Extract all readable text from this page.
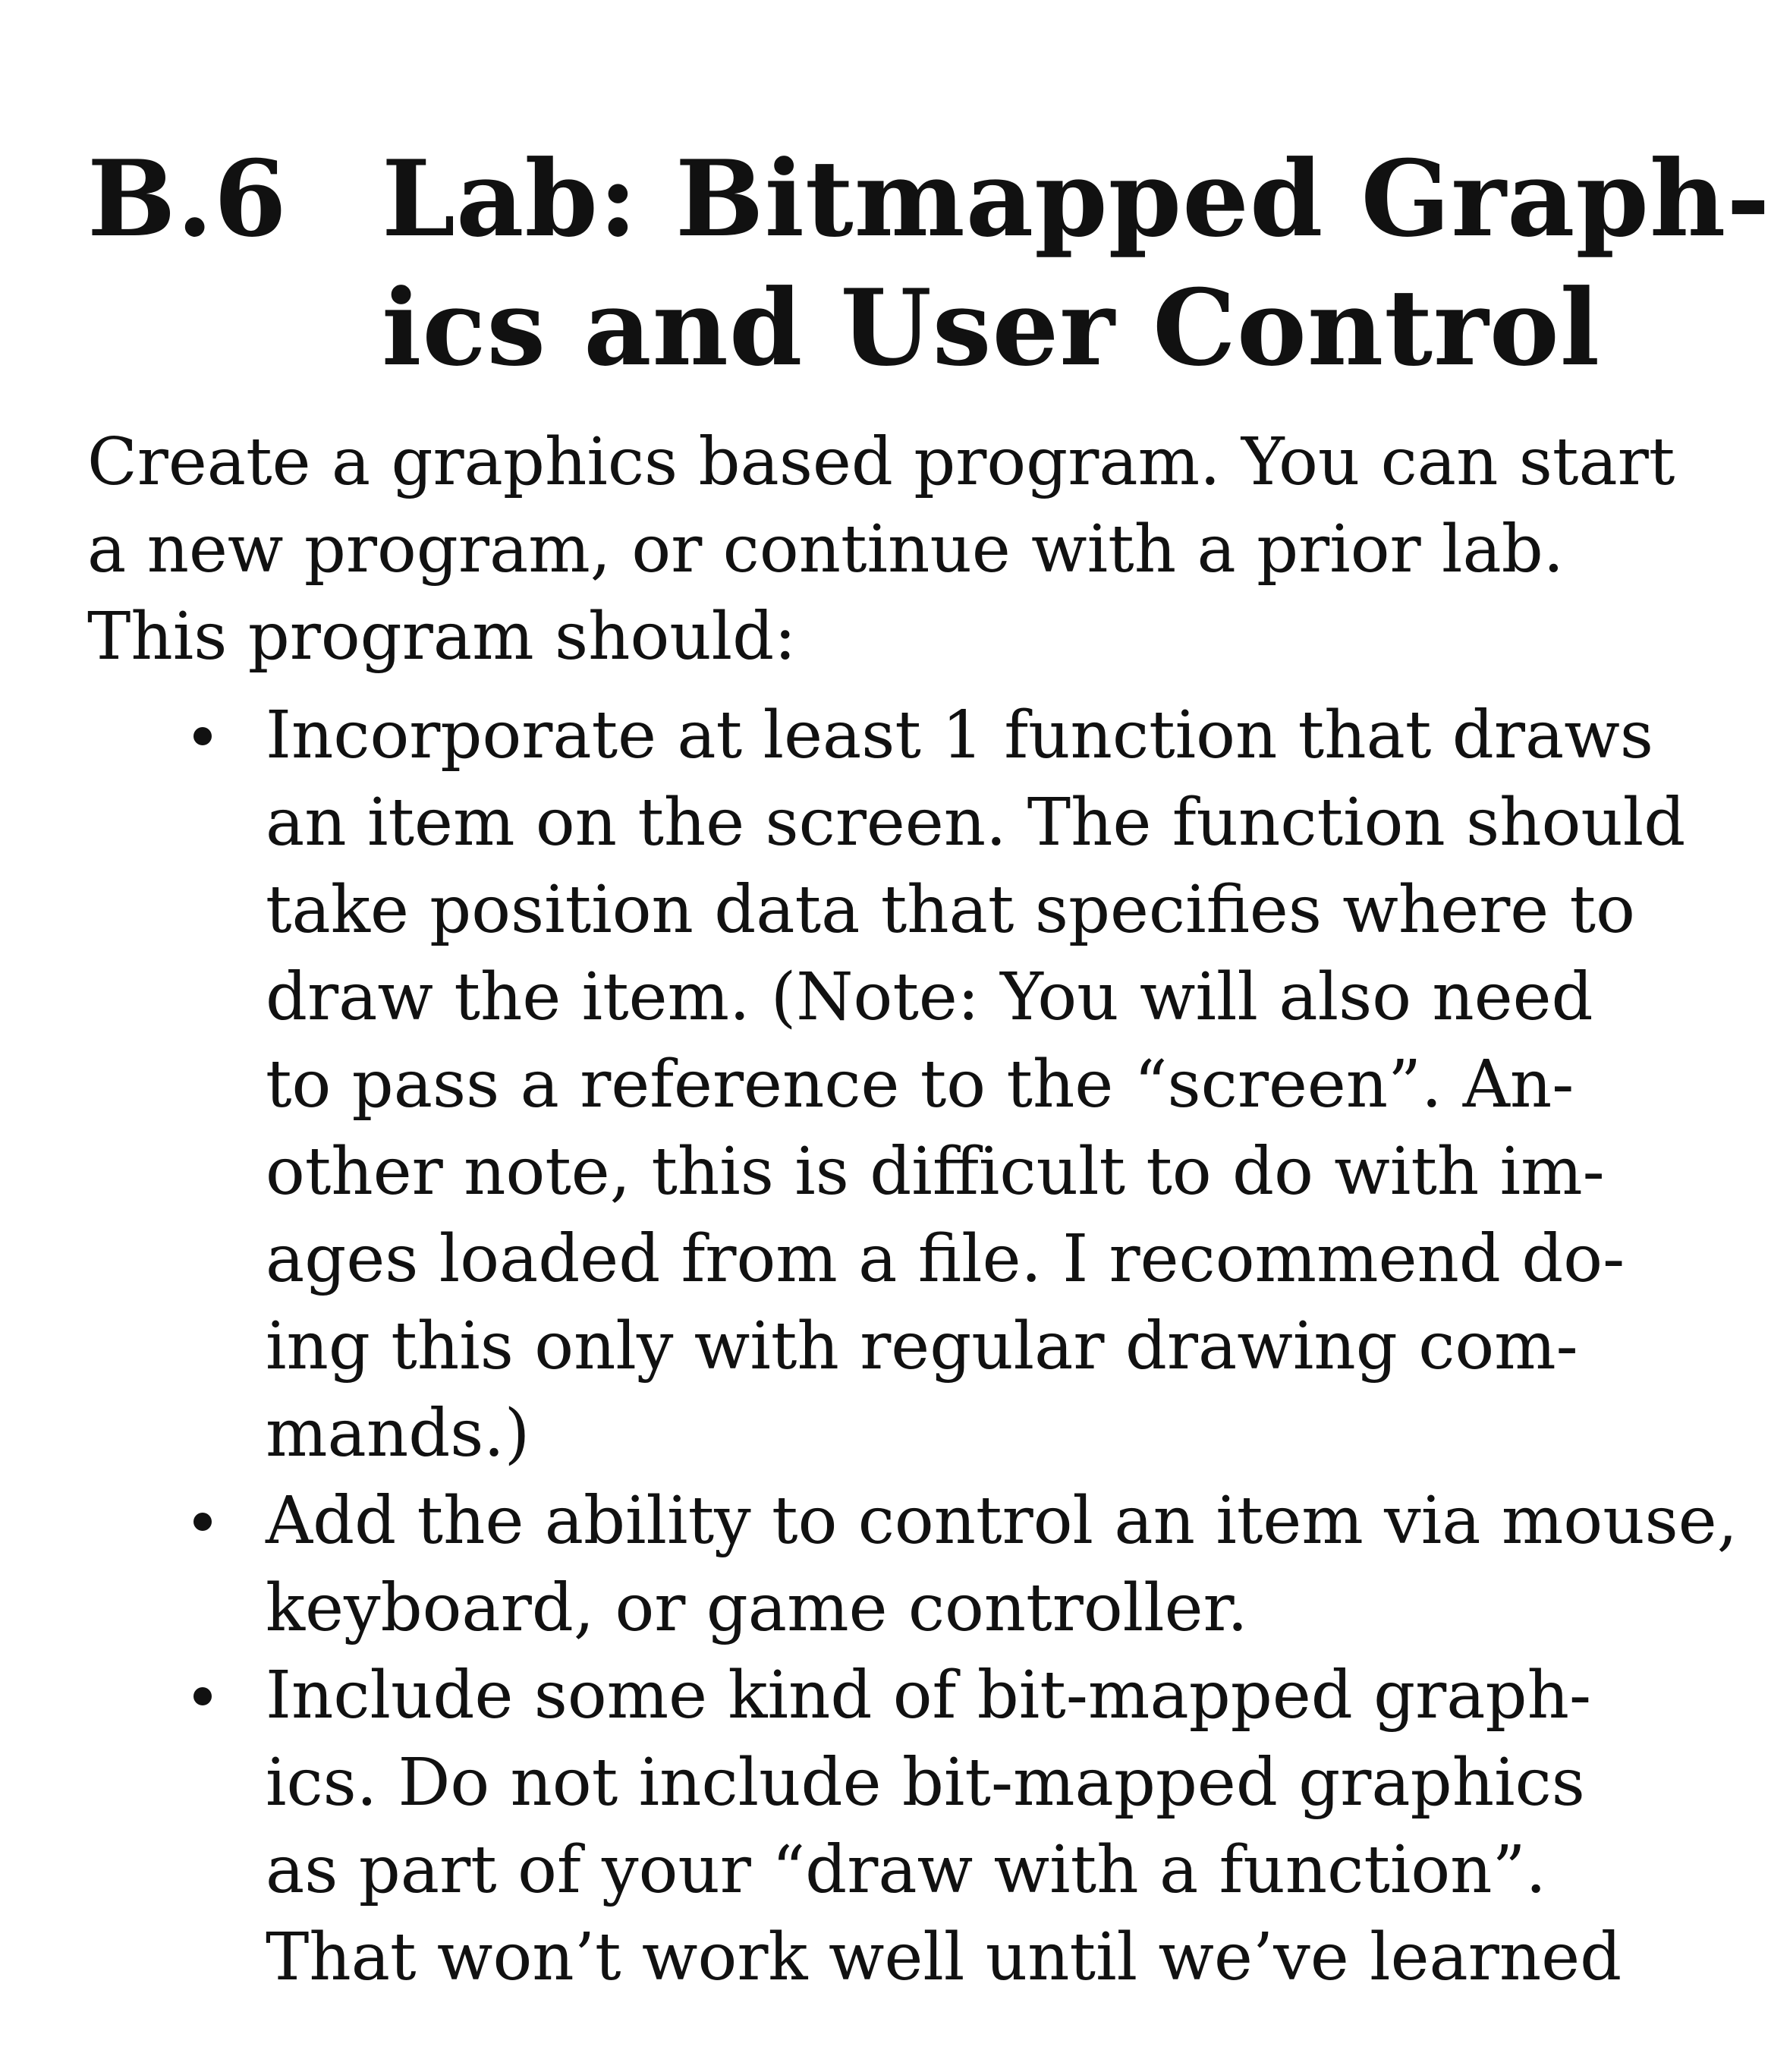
B.6 Lab: Bitmapped Graph-
ics and User Control
Create a graphics based program. You can start
a new program, or continue with a prior lab.
This program should:
Incorporate at least 1 function that draws
an item on the screen. The function should
take position data that specifies where to
draw the item. (Note: You will also need
to pass a reference to the “screen”. An-
other note, this is difficult to do with im-
ages loaded from a file. I recommend do-
ing this only with regular drawing com-
mands.)
Add the ability to control an item via mouse,
keyboard, or game controller.
Include some kind of bit-mapped graph-
ics. Do not include bit-mapped graphics
as part of your “draw with a function”.
That won’t work well until we’ve learned
